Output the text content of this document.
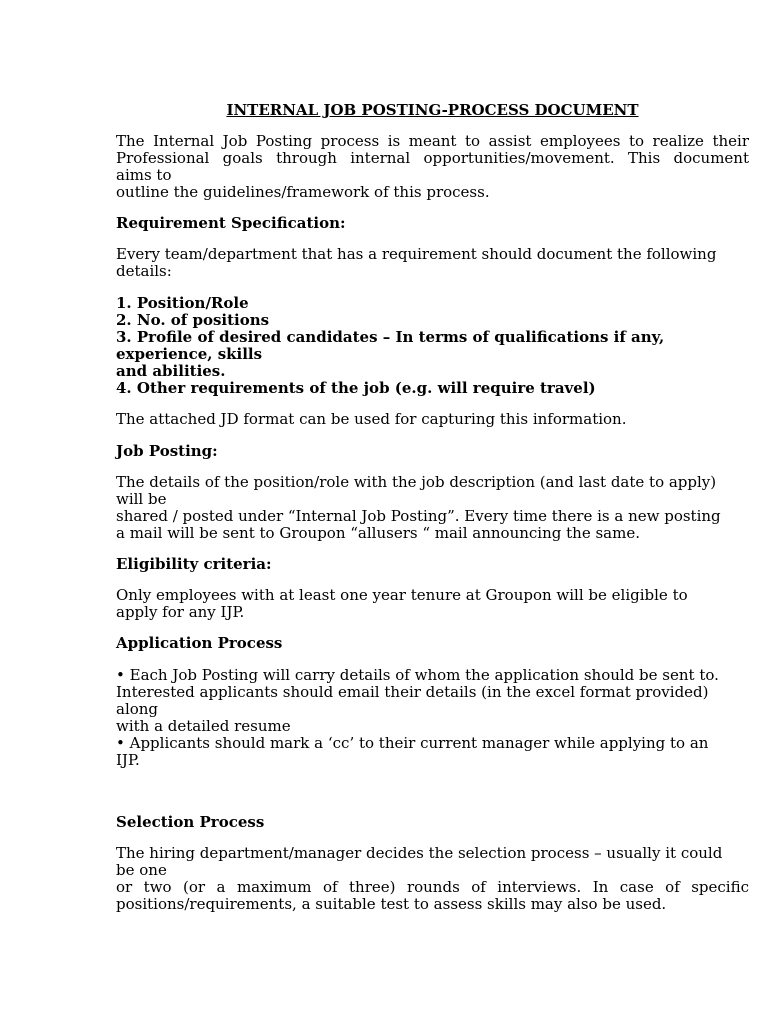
INTERNAL JOB POSTING-PROCESS DOCUMENT
The Internal Job Posting process is meant to assist employees to realize their
Professional goals through internal opportunities/movement. This document
aims to
outline the guidelines/framework of this process.
Requirement Specification:
Every team/department that has a requirement should document the following
details:
1. Position/Role
2. No. of positions
3. Profile of desired candidates – In terms of qualifications if any,
experience, skills
and abilities.
4. Other requirements of the job (e.g. will require travel)
The attached JD format can be used for capturing this information.
Job Posting:
The details of the position/role with the job description (and last date to apply)
will be
shared / posted under “Internal Job Posting”. Every time there is a new posting
a mail will be sent to Groupon “allusers “ mail announcing the same.
Eligibility criteria:
Only employees with at least one year tenure at Groupon will be eligible to
apply for any IJP.
Application Process
• Each Job Posting will carry details of whom the application should be sent to.
Interested applicants should email their details (in the excel format provided)
along
with a detailed resume
• Applicants should mark a ‘cc’ to their current manager while applying to an
IJP.
Selection Process
The hiring department/manager decides the selection process – usually it could
be one
or two (or a maximum of three) rounds of interviews. In case of specific
positions/requirements, a suitable test to assess skills may also be used.
